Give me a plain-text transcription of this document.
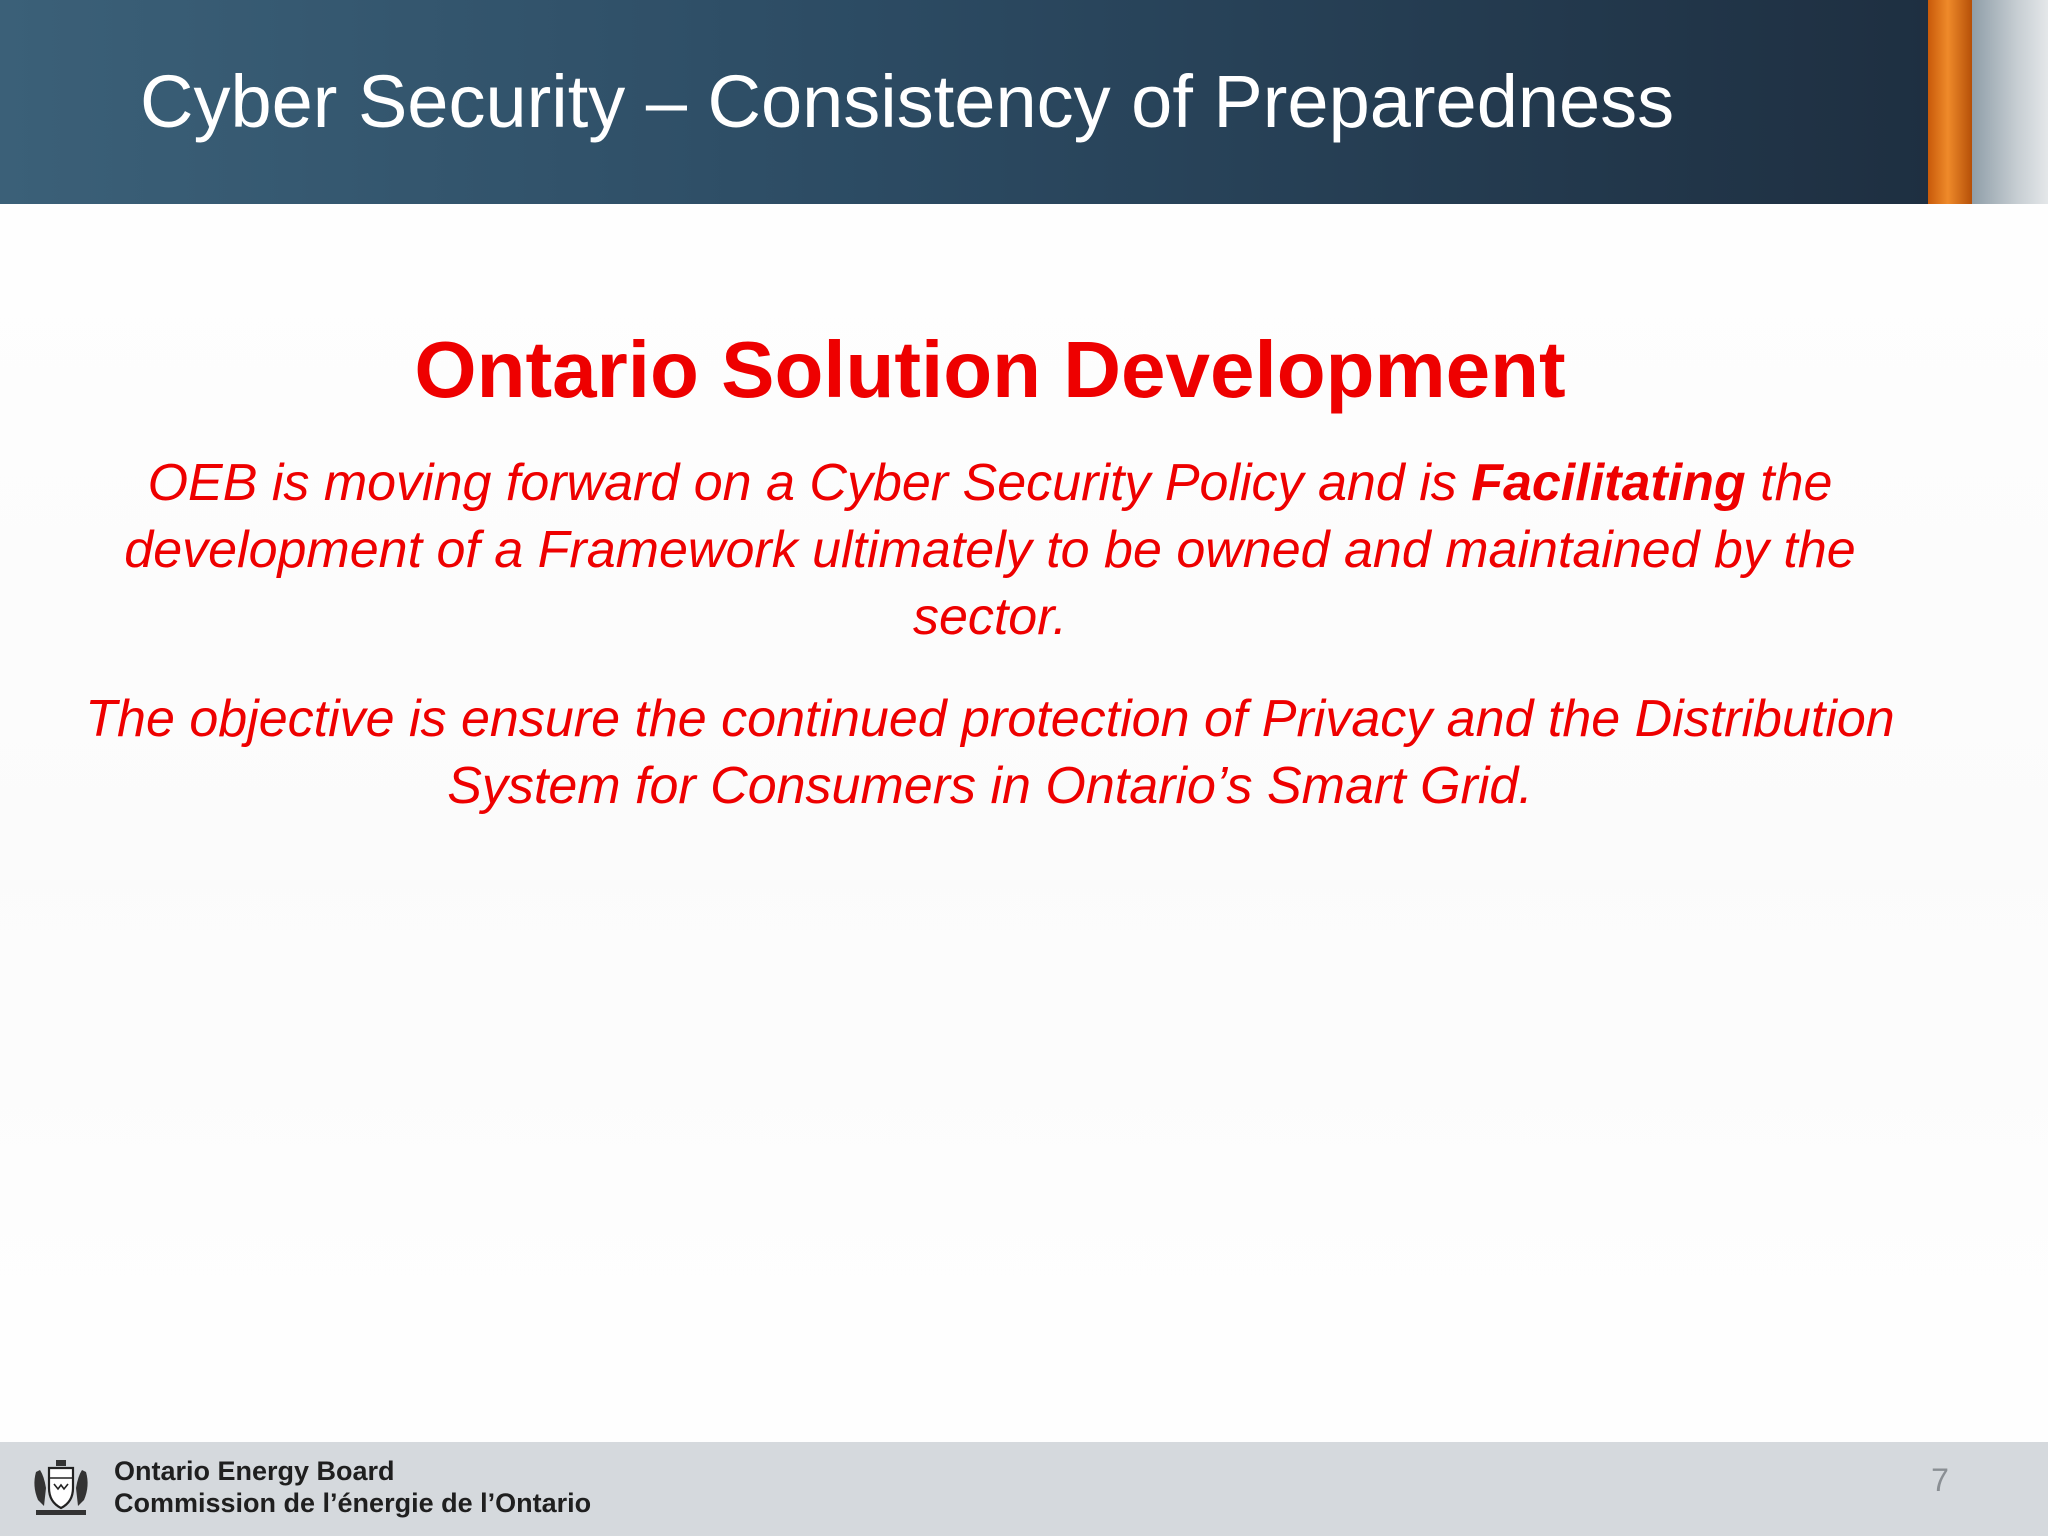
Cyber Security – Consistency of Preparedness
Ontario Solution Development

OEB is moving forward on a Cyber Security Policy and is Facilitating the development of a Framework ultimately to be owned and maintained by the sector.

The objective is ensure the continued protection of Privacy and the Distribution System for Consumers in Ontario’s Smart Grid.

Ontario Energy Board
Commission de l’énergie de l’Ontario
7
